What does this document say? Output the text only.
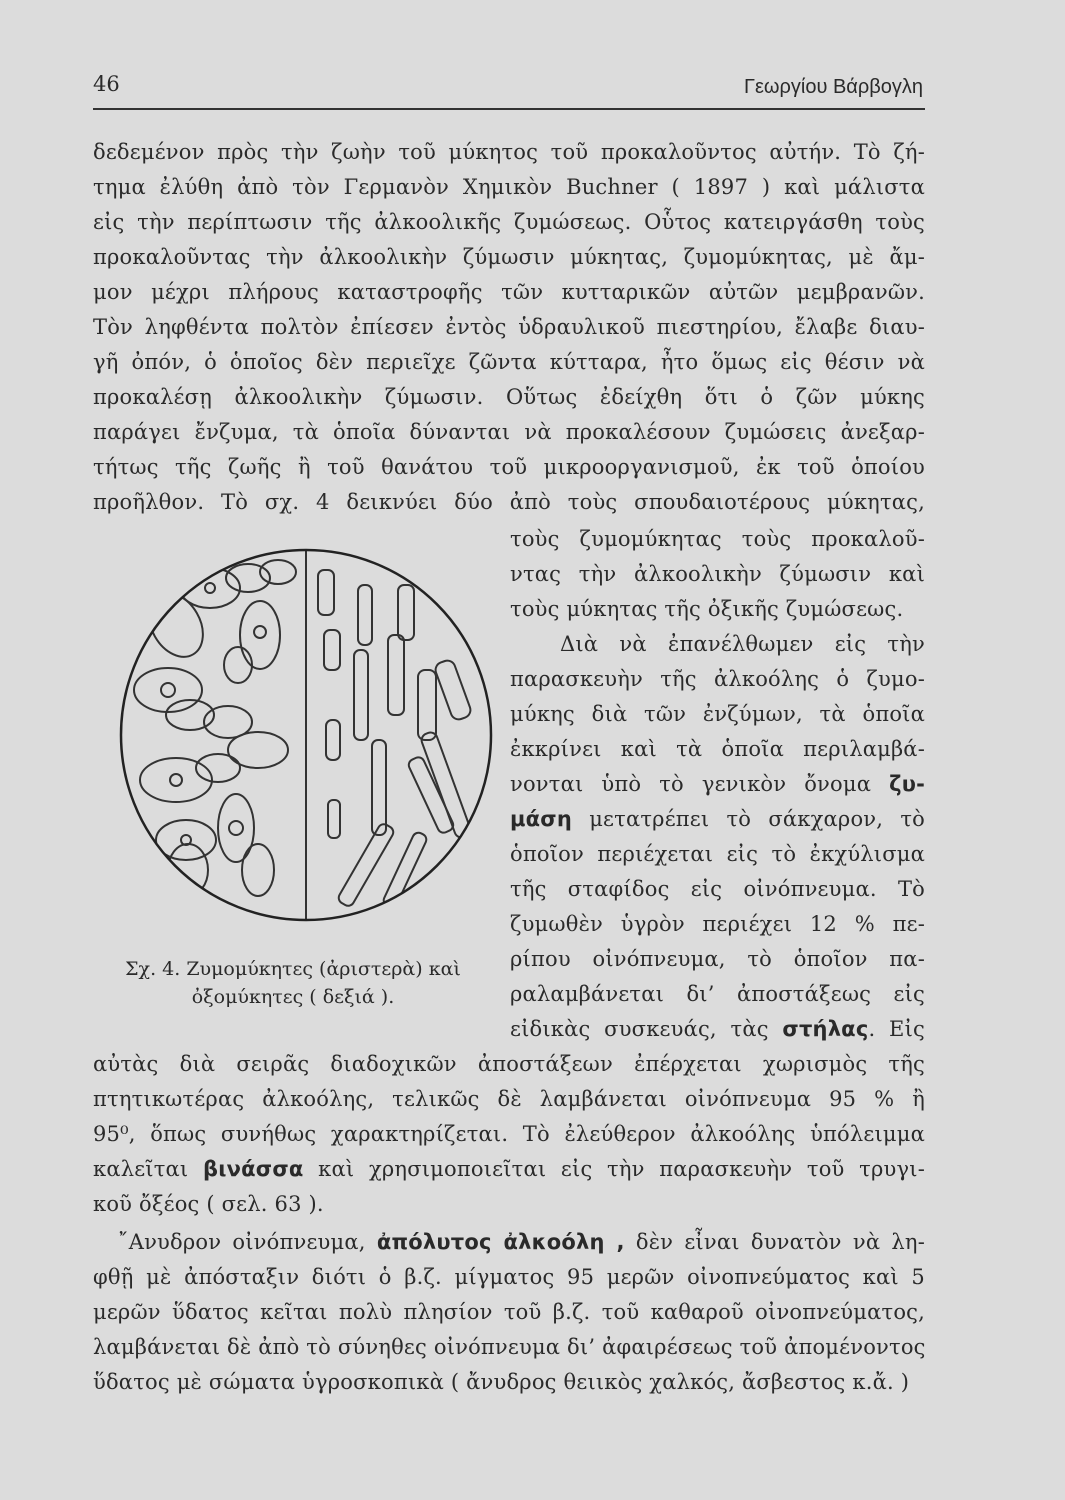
46	Γεωργίου Βάρβογλη
δεδεμένον πρὸς τὴν ζωὴν τοῦ μύκητος τοῦ προκαλοῦντος αὐτήν. Τὸ ζή-
τημα ἐλύθη ἀπὸ τὸν Γερμανὸν Χημικὸν Buchner ( 1897 ) καὶ μάλιστα
εἰς τὴν περίπτωσιν τῆς ἀλκοολικῆς ζυμώσεως. Οὗτος κατειργάσθη τοὺς
προκαλοῦντας τὴν ἀλκοολικὴν ζύμωσιν μύκητας, ζυμομύκητας, μὲ ἄμ-
μον μέχρι πλήρους καταστροφῆς τῶν κυτταρικῶν αὐτῶν μεμβρανῶν.
Τὸν ληφθέντα πολτὸν ἐπίεσεν ἐντὸς ὑδραυλικοῦ πιεστηρίου, ἔλαβε διαυ-
γῆ ὀπόν, ὁ ὁποῖος δὲν περιεῖχε ζῶντα κύτταρα, ἦτο ὅμως εἰς θέσιν νὰ
προκαλέσῃ ἀλκοολικὴν ζύμωσιν. Οὕτως ἐδείχθη ὅτι ὁ ζῶν μύκης
παράγει ἔνζυμα, τὰ ὁποῖα δύνανται νὰ προκαλέσουν ζυμώσεις ἀνεξαρ-
τήτως τῆς ζωῆς ἢ τοῦ θανάτου τοῦ μικροοργανισμοῦ, ἐκ τοῦ ὁποίου
προῆλθον. Τὸ σχ. 4 δεικνύει δύο ἀπὸ τοὺς σπουδαιοτέρους μύκητας,
τοὺς ζυμομύκητας τοὺς προκαλοῦ-
ντας τὴν ἀλκοολικὴν ζύμωσιν καὶ
τοὺς μύκητας τῆς ὀξικῆς ζυμώσεως.
Διὰ νὰ ἐπανέλθωμεν εἰς τὴν
παρασκευὴν τῆς ἀλκοόλης ὁ ζυμο-
μύκης διὰ τῶν ἐνζύμων, τὰ ὁποῖα
ἐκκρίνει καὶ τὰ ὁποῖα περιλαμβά-
νονται ὑπὸ τὸ γενικὸν ὄνομα ζυ-
μάση μετατρέπει τὸ σάκχαρον, τὸ
ὁποῖον περιέχεται εἰς τὸ ἐκχύλισμα
τῆς σταφίδος εἰς οἰνόπνευμα. Τὸ
ζυμωθὲν ὑγρὸν περιέχει 12 % πε-
ρίπου οἰνόπνευμα, τὸ ὁποῖον πα-
ραλαμβάνεται δι’ ἀποστάξεως εἰς
εἰδικὰς συσκευάς, τὰς στήλας. Εἰς
αὐτὰς διὰ σειρᾶς διαδοχικῶν ἀποστάξεων ἐπέρχεται χωρισμὸς τῆς
πτητικωτέρας ἀλκοόλης, τελικῶς δὲ λαμβάνεται οἰνόπνευμα 95 % ἢ
95⁰, ὅπως συνήθως χαρακτηρίζεται. Τὸ ἐλεύθερον ἀλκοόλης ὑπόλειμμα
καλεῖται βινάσσα καὶ χρησιμοποιεῖται εἰς τὴν παρασκευὴν τοῦ τρυγι-
κοῦ ὄξέος ( σελ. 63 ).
῎Ανυδρον οἰνόπνευμα, ἀπόλυτος ἀλκοόλη , δὲν εἶναι δυνατὸν νὰ λη-
φθῇ μὲ ἀπόσταξιν διότι ὁ β.ζ. μίγματος 95 μερῶν οἰνοπνεύματος καὶ 5
μερῶν ὕδατος κεῖται πολὺ πλησίον τοῦ β.ζ. τοῦ καθαροῦ οἰνοπνεύματος,
λαμβάνεται δὲ ἀπὸ τὸ σύνηθες οἰνόπνευμα δι’ ἀφαιρέσεως τοῦ ἀπομένοντος
ὕδατος μὲ σώματα ὑγροσκοπικὰ ( ἄνυδρος θειικὸς χαλκός, ἄσβεστος κ.ἄ. )
Σχ. 4. Ζυμομύκητες (ἀριστερὰ) καὶ
ὀξομύκητες ( δεξιά ).
